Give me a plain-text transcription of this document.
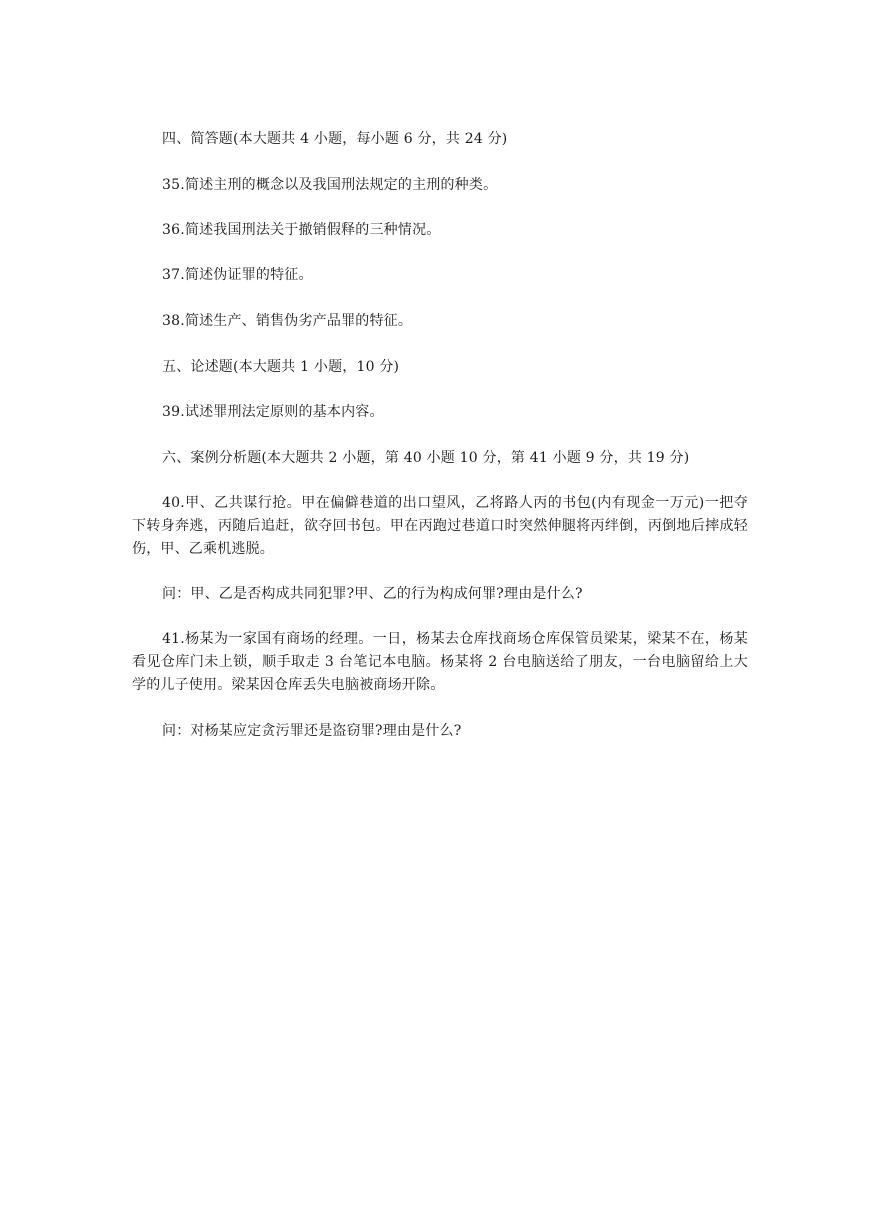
四、简答题(本大题共 4 小题，每小题 6 分，共 24 分)
35.简述主刑的概念以及我国刑法规定的主刑的种类。
36.简述我国刑法关于撤销假释的三种情况。
37.简述伪证罪的特征。
38.简述生产、销售伪劣产品罪的特征。
五、论述题(本大题共 1 小题，10 分)
39.试述罪刑法定原则的基本内容。
六、案例分析题(本大题共 2 小题，第 40 小题 10 分，第 41 小题 9 分，共 19 分)
40.甲、乙共谋行抢。甲在偏僻巷道的出口望风，乙将路人丙的书包(内有现金一万元)一把夺下转身奔逃，丙随后追赶，欲夺回书包。甲在丙跑过巷道口时突然伸腿将丙绊倒，丙倒地后摔成轻伤，甲、乙乘机逃脱。
问：甲、乙是否构成共同犯罪?甲、乙的行为构成何罪?理由是什么?
41.杨某为一家国有商场的经理。一日，杨某去仓库找商场仓库保管员梁某，梁某不在，杨某看见仓库门未上锁，顺手取走 3 台笔记本电脑。杨某将 2 台电脑送给了朋友，一台电脑留给上大学的儿子使用。梁某因仓库丢失电脑被商场开除。
问：对杨某应定贪污罪还是盗窃罪?理由是什么?
